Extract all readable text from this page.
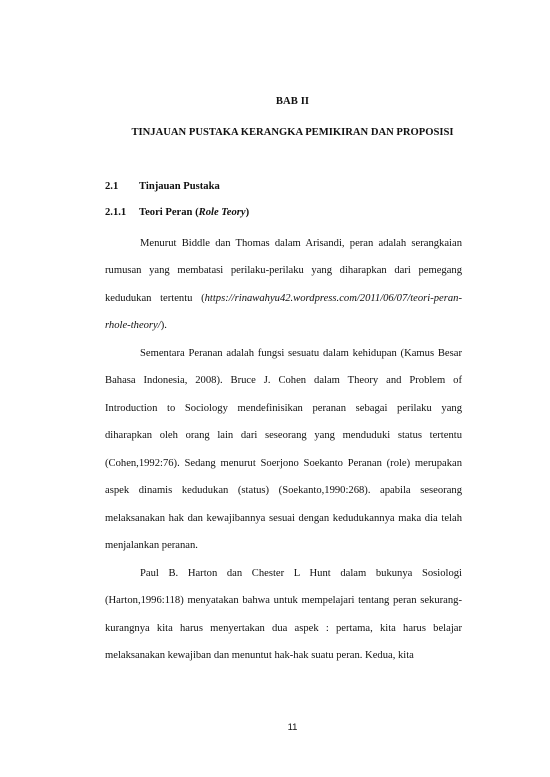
BAB II
TINJAUAN PUSTAKA KERANGKA PEMIKIRAN DAN PROPOSISI
2.1 Tinjauan Pustaka
2.1.1 Teori Peran (Role Teory)
Menurut Biddle dan Thomas dalam Arisandi, peran adalah serangkaian
rumusan yang membatasi perilaku-perilaku yang diharapkan dari pemegang
kedudukan tertentu (https://rinawahyu42.wordpress.com/2011/06/07/teori-peran-
rhole-theory/).
Sementara Peranan adalah fungsi sesuatu dalam kehidupan (Kamus Besar
Bahasa Indonesia, 2008). Bruce J. Cohen dalam Theory and Problem of
Introduction to Sociology mendefinisikan peranan sebagai perilaku yang
diharapkan oleh orang lain dari seseorang yang menduduki status tertentu
(Cohen,1992:76). Sedang menurut Soerjono Soekanto Peranan (role) merupakan
aspek dinamis kedudukan (status) (Soekanto,1990:268). apabila seseorang
melaksanakan hak dan kewajibannya sesuai dengan kedudukannya maka dia telah
menjalankan peranan.
Paul B. Harton dan Chester L Hunt dalam bukunya Sosiologi
(Harton,1996:118) menyatakan bahwa untuk mempelajari tentang peran sekurang-
kurangnya kita harus menyertakan dua aspek : pertama, kita harus belajar
melaksanakan kewajiban dan menuntut hak-hak suatu peran. Kedua, kita
11
